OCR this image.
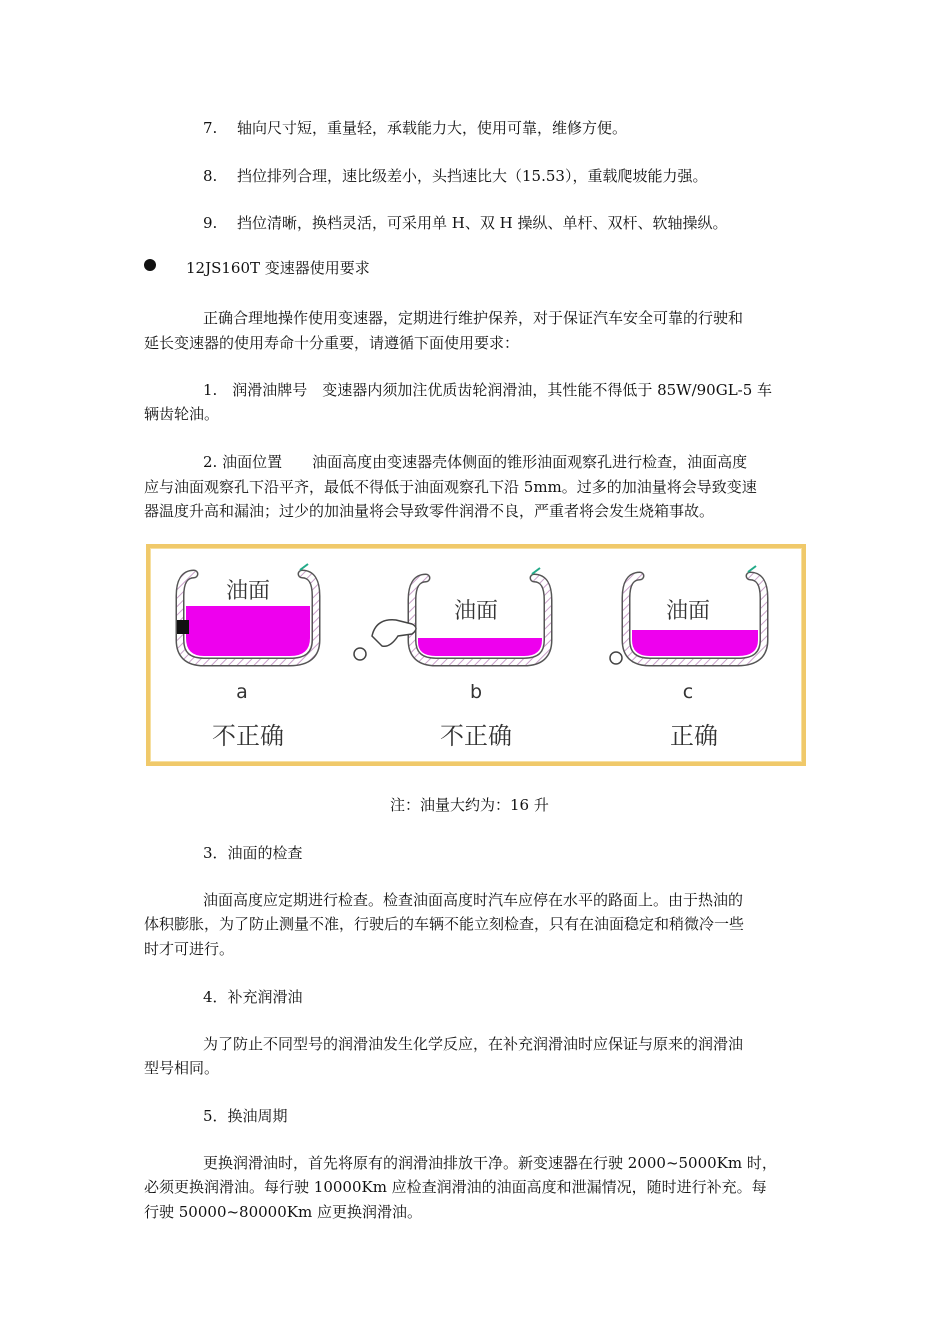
7. 轴向尺寸短，重量轻，承载能力大，使用可靠，维修方便。
8. 挡位排列合理，速比级差小，头挡速比大（15.53），重载爬坡能力强。
9. 挡位清晰，换档灵活，可采用单 H、双 H 操纵、单杆、双杆、软轴操纵。
12JS160T 变速器使用要求
正确合理地操作使用变速器，定期进行维护保养，对于保证汽车安全可靠的行驶和
延长变速器的使用寿命十分重要，请遵循下面使用要求：
1.　润滑油牌号　变速器内须加注优质齿轮润滑油，其性能不得低于 85W/90GL-5 车
辆齿轮油。
2. 油面位置　　油面高度由变速器壳体侧面的锥形油面观察孔进行检查，油面高度
应与油面观察孔下沿平齐，最低不得低于油面观察孔下沿 5mm。过多的加油量将会导致变速
器温度升高和漏油；过少的加油量将会导致零件润滑不良，严重者将会发生烧箱事故。
油面
a
不正确
油面
b
不正确
油面
c
正确
注：油量大约为：16 升
3．油面的检查
油面高度应定期进行检查。检查油面高度时汽车应停在水平的路面上。由于热油的
体积膨胀，为了防止测量不准，行驶后的车辆不能立刻检查，只有在油面稳定和稍微冷一些
时才可进行。
4．补充润滑油
为了防止不同型号的润滑油发生化学反应，在补充润滑油时应保证与原来的润滑油
型号相同。
5．换油周期
更换润滑油时，首先将原有的润滑油排放干净。新变速器在行驶 2000~5000Km 时，
必须更换润滑油。每行驶 10000Km 应检查润滑油的油面高度和泄漏情况，随时进行补充。每
行驶 50000~80000Km 应更换润滑油。
